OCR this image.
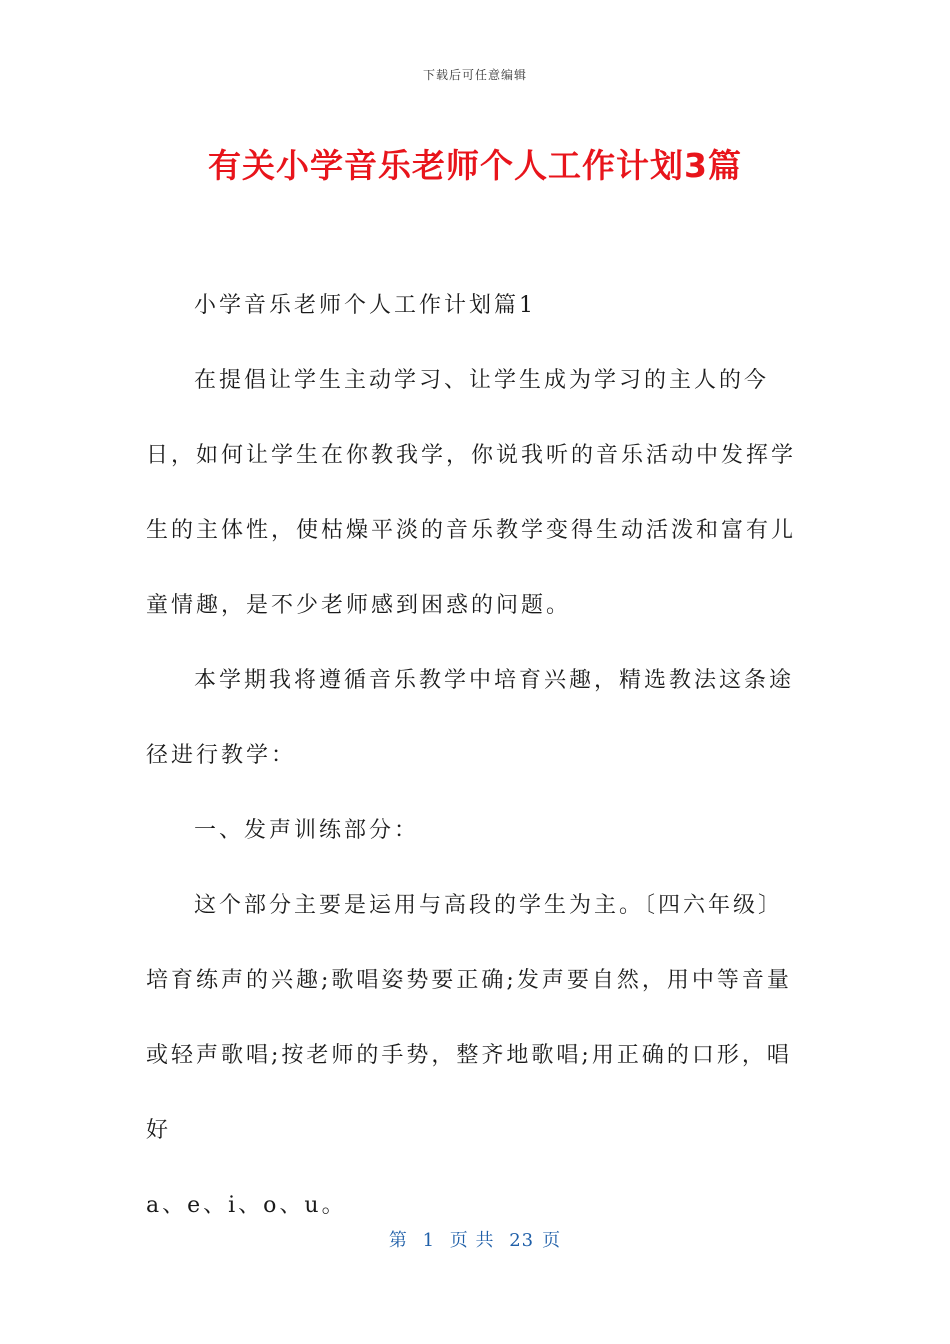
下载后可任意编辑
有关小学音乐老师个人工作计划3篇

小学音乐老师个人工作计划篇1

在提倡让学生主动学习、让学生成为学习的主人的今日，如何让学生在你教我学，你说我听的音乐活动中发挥学生的主体性，使枯燥平淡的音乐教学变得生动活泼和富有儿童情趣，是不少老师感到困惑的问题。

本学期我将遵循音乐教学中培育兴趣，精选教法这条途径进行教学：

一、发声训练部分：

这个部分主要是运用与高段的学生为主。〔四六年级〕培育练声的兴趣;歌唱姿势要正确;发声要自然，用中等音量或轻声歌唱;按老师的手势，整齐地歌唱;用正确的口形，唱好

a、e、i、o、u。

第 1 页 共 23 页
